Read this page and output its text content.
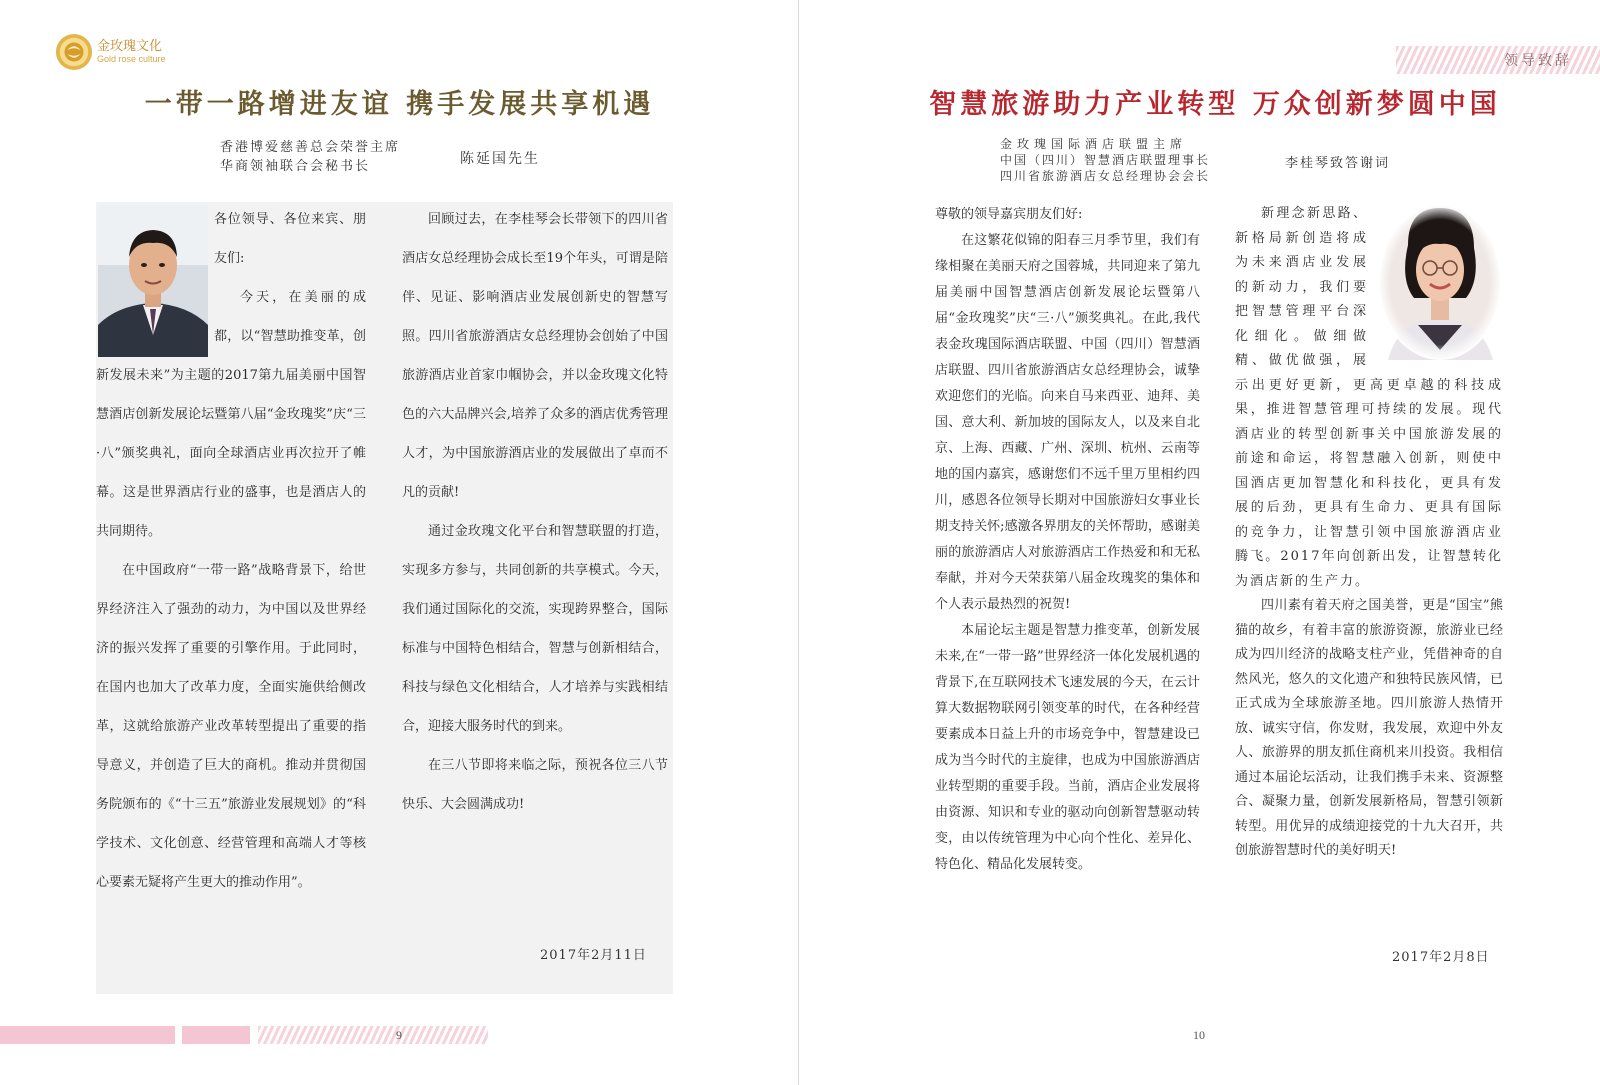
金玫瑰文化
Gold rose culture
一带一路增进友谊 携手发展共享机遇
香港博爱慈善总会荣誉主席
华商领袖联合会秘书长	陈延国先生

各位领导、各位来宾、朋友们:

今天，在美丽的成都，以“智慧助推变革，创新发展未来”为主题的2017第九届美丽中国智慧酒店创新发展论坛暨第八届“金玫瑰奖”庆“三·八”颁奖典礼，面向全球酒店业再次拉开了帷幕。这是世界酒店行业的盛事，也是酒店人的共同期待。

在中国政府“一带一路”战略背景下，给世界经济注入了强劲的动力，为中国以及世界经济的振兴发挥了重要的引擎作用。于此同时，在国内也加大了改革力度，全面实施供给侧改革，这就给旅游产业改革转型提出了重要的指导意义，并创造了巨大的商机。推动并贯彻国务院颁布的《“十三五”旅游业发展规划》的“科学技术、文化创意、经营管理和高端人才等核心要素无疑将产生更大的推动作用”。

回顾过去，在李桂琴会长带领下的四川省酒店女总经理协会成长至19个年头，可谓是陪伴、见证、影响酒店业发展创新史的智慧写照。四川省旅游酒店女总经理协会创始了中国旅游酒店业首家巾帼协会，并以金玫瑰文化特色的六大品牌兴会,培养了众多的酒店优秀管理人才，为中国旅游酒店业的发展做出了卓而不凡的贡献!

通过金玫瑰文化平台和智慧联盟的打造，实现多方参与，共同创新的共享模式。今天，我们通过国际化的交流，实现跨界整合，国际标准与中国特色相结合，智慧与创新相结合，科技与绿色文化相结合，人才培养与实践相结合，迎接大服务时代的到来。

在三八节即将来临之际，预祝各位三八节快乐、大会圆满成功!

2017年2月11日
9
领导致辞
智慧旅游助力产业转型 万众创新梦圆中国
金玫瑰国际酒店联盟主席
中国（四川）智慧酒店联盟理事长
四川省旅游酒店女总经理协会会长
李桂琴致答谢词

尊敬的领导嘉宾朋友们好:

在这繁花似锦的阳春三月季节里，我们有缘相聚在美丽天府之国蓉城，共同迎来了第九届美丽中国智慧酒店创新发展论坛暨第八届“金玫瑰奖”庆“三·八”颁奖典礼。在此,我代表金玫瑰国际酒店联盟、中国（四川）智慧酒店联盟、四川省旅游酒店女总经理协会，诚挚欢迎您们的光临。向来自马来西亚、迪拜、美国、意大利、新加坡的国际友人，以及来自北京、上海、西藏、广州、深圳、杭州、云南等地的国内嘉宾，感谢您们不远千里万里相约四川，感恩各位领导长期对中国旅游妇女事业长期支持关怀;感激各界朋友的关怀帮助，感谢美丽的旅游酒店人对旅游酒店工作热爱和和无私奉献，并对今天荣获第八届金玫瑰奖的集体和个人表示最热烈的祝贺!

本届论坛主题是智慧力推变革，创新发展未来,在“一带一路”世界经济一体化发展机遇的背景下,在互联网技术飞速发展的今天，在云计算大数据物联网引领变革的时代，在各种经营要素成本日益上升的市场竞争中，智慧建设已成为当今时代的主旋律，也成为中国旅游酒店业转型期的重要手段。当前，酒店企业发展将由资源、知识和专业的驱动向创新智慧驱动转变，由以传统管理为中心向个性化、差异化、特色化、精品化发展转变。

新理念新思路、新格局新创造将成为未来酒店业发展的新动力，我们要把智慧管理平台深化细化。做细做精、做优做强，展示出更好更新，更高更卓越的科技成果，推进智慧管理可持续的发展。现代酒店业的转型创新事关中国旅游发展的前途和命运，将智慧融入创新，则使中国酒店更加智慧化和科技化，更具有发展的后劲，更具有生命力、更具有国际的竞争力，让智慧引领中国旅游酒店业腾飞。2017年向创新出发，让智慧转化为酒店新的生产力。

四川素有着天府之国美誉，更是“国宝”熊猫的故乡，有着丰富的旅游资源，旅游业已经成为四川经济的战略支柱产业，凭借神奇的自然风光，悠久的文化遗产和独特民族风情，已正式成为全球旅游圣地。四川旅游人热情开放、诚实守信，你发财，我发展，欢迎中外友人、旅游界的朋友抓住商机来川投资。我相信通过本届论坛活动，让我们携手未来、资源整合、凝聚力量，创新发展新格局，智慧引领新转型。用优异的成绩迎接党的十九大召开，共创旅游智慧时代的美好明天!

2017年2月8日
10
